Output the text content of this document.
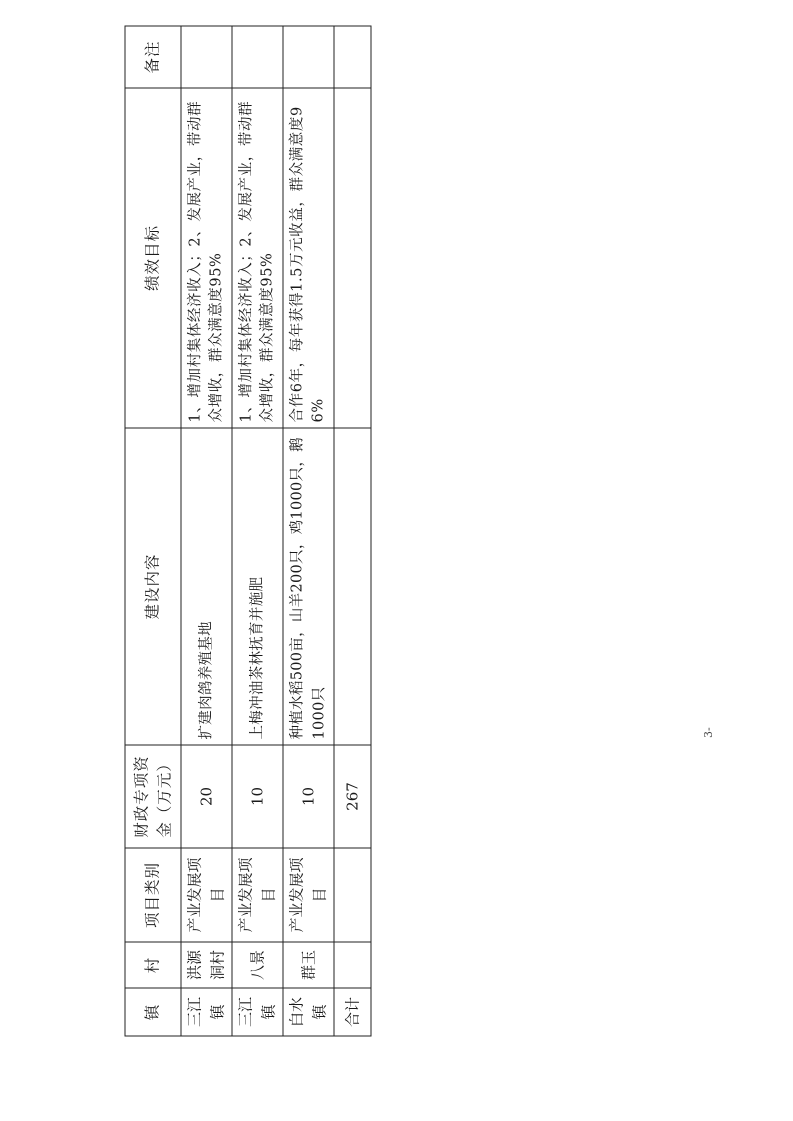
镇	村	项目类别	财政专项资金（万元）	建设内容	绩效目标	备注
三江镇	洪源洞村	产业发展项目	20	扩建肉鸽养殖基地	1、增加村集体经济收入；2、发展产业，带动群众增收，群众满意度95%	
三江镇	八景	产业发展项目	10	上梅冲油茶林抚育并施肥	1、增加村集体经济收入；2、发展产业，带动群众增收，群众满意度95%	
白水镇	群玉	产业发展项目	10	种植水稻500亩，山羊200只，鸡1000只，鹅1000只	合作6年，每年获得1.5万元收益，群众满意度96%	
合计			267			
3-
